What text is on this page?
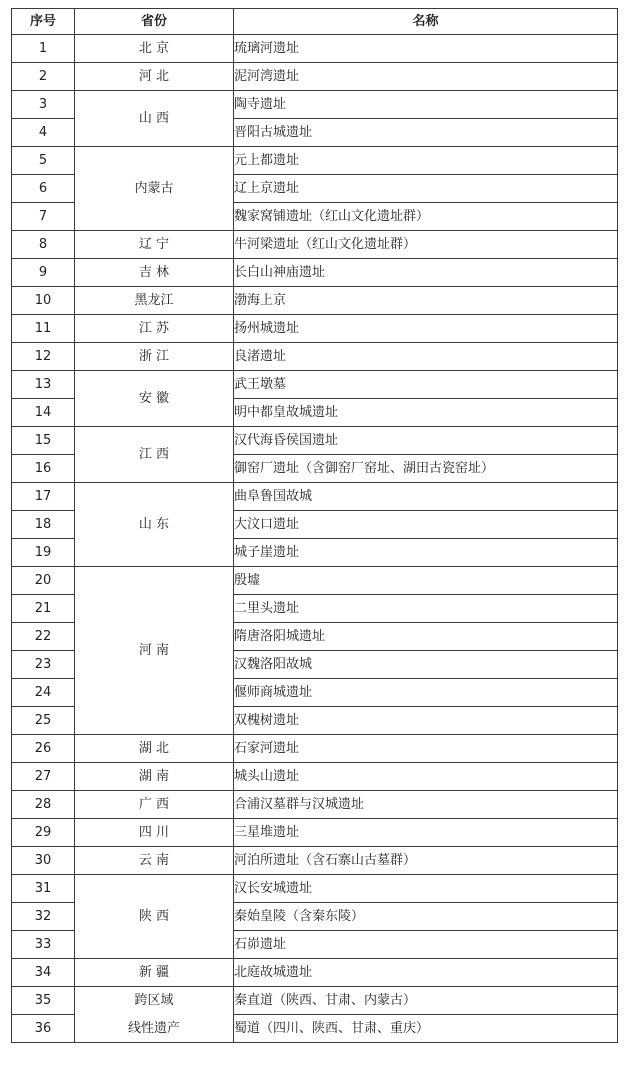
序号	省份	名称
1	北 京	琉璃河遗址
2	河 北	泥河湾遗址
3	山 西	陶寺遗址
4		晋阳古城遗址
5	内蒙古	元上都遗址
6		辽上京遗址
7		魏家窝铺遗址（红山文化遗址群）
8	辽 宁	牛河梁遗址（红山文化遗址群）
9	吉 林	长白山神庙遗址
10	黑龙江	渤海上京
11	江 苏	扬州城遗址
12	浙 江	良渚遗址
13	安 徽	武王墩墓
14		明中都皇故城遗址
15	江 西	汉代海昏侯国遗址
16		御窑厂遗址（含御窑厂窑址、湖田古瓷窑址）
17	山 东	曲阜鲁国故城
18		大汶口遗址
19		城子崖遗址
20	河 南	殷墟
21		二里头遗址
22		隋唐洛阳城遗址
23		汉魏洛阳故城
24		偃师商城遗址
25		双槐树遗址
26	湖 北	石家河遗址
27	湖 南	城头山遗址
28	广 西	合浦汉墓群与汉城遗址
29	四 川	三星堆遗址
30	云 南	河泊所遗址（含石寨山古墓群）
31	陕 西	汉长安城遗址
32		秦始皇陵（含秦东陵）
33		石峁遗址
34	新 疆	北庭故城遗址
35	跨区域	秦直道（陕西、甘肃、内蒙古）
36	线性遗产	蜀道（四川、陕西、甘肃、重庆）
